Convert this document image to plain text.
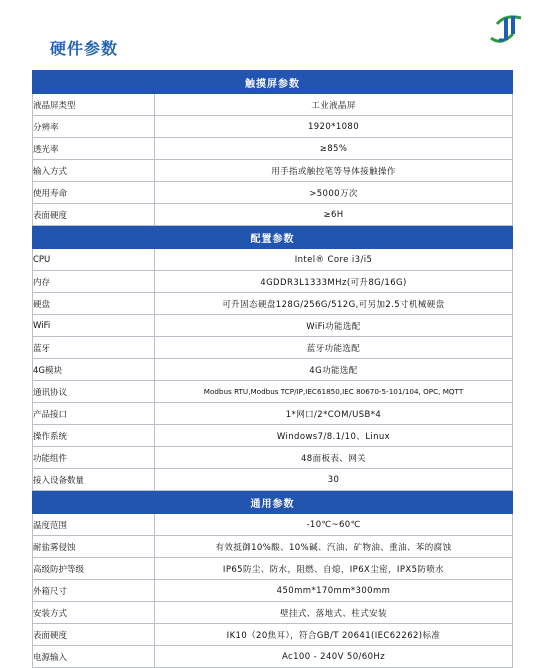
硬件参数
触摸屏参数	
液晶屏类型	工业液晶屏
分辨率	1920*1080
透光率	≥85%
输入方式	用手指或触控笔等导体接触操作
使用寿命	>5000万次
表面硬度	≥6H
配置参数	
CPU	Intel® Core i3/i5
内存	4GDDR3L1333MHz(可升8G/16G)
硬盘	可升固态硬盘128G/256G/512G,可另加2.5寸机械硬盘
WiFi	WiFi功能选配
蓝牙	蓝牙功能选配
4G模块	4G功能选配
通讯协议	Modbus RTU,Modbus TCP/IP,IEC61850,IEC 80670-5-101/104, OPC, MQTT
产品接口	1*网口/2*COM/USB*4
操作系统	Windows7/8.1/10、Linux
功能组件	48面板表、网关
接入设备数量	30
通用参数	
温度范围	-10℃~60℃
耐盐雾侵蚀	有效抵御10%酸、10%碱、汽油、矿物油、重油、苯的腐蚀
高级防护等级	IP65防尘、防水，阻燃、自熄，IP6X尘密，IPX5防喷水
外箱尺寸	450mm*170mm*300mm
安装方式	壁挂式、落地式、柱式安装
表面硬度	IK10（20焦耳），符合GB/T 20641(IEC62262)标准
电源输入	Ac100 - 240V 50/60Hz
